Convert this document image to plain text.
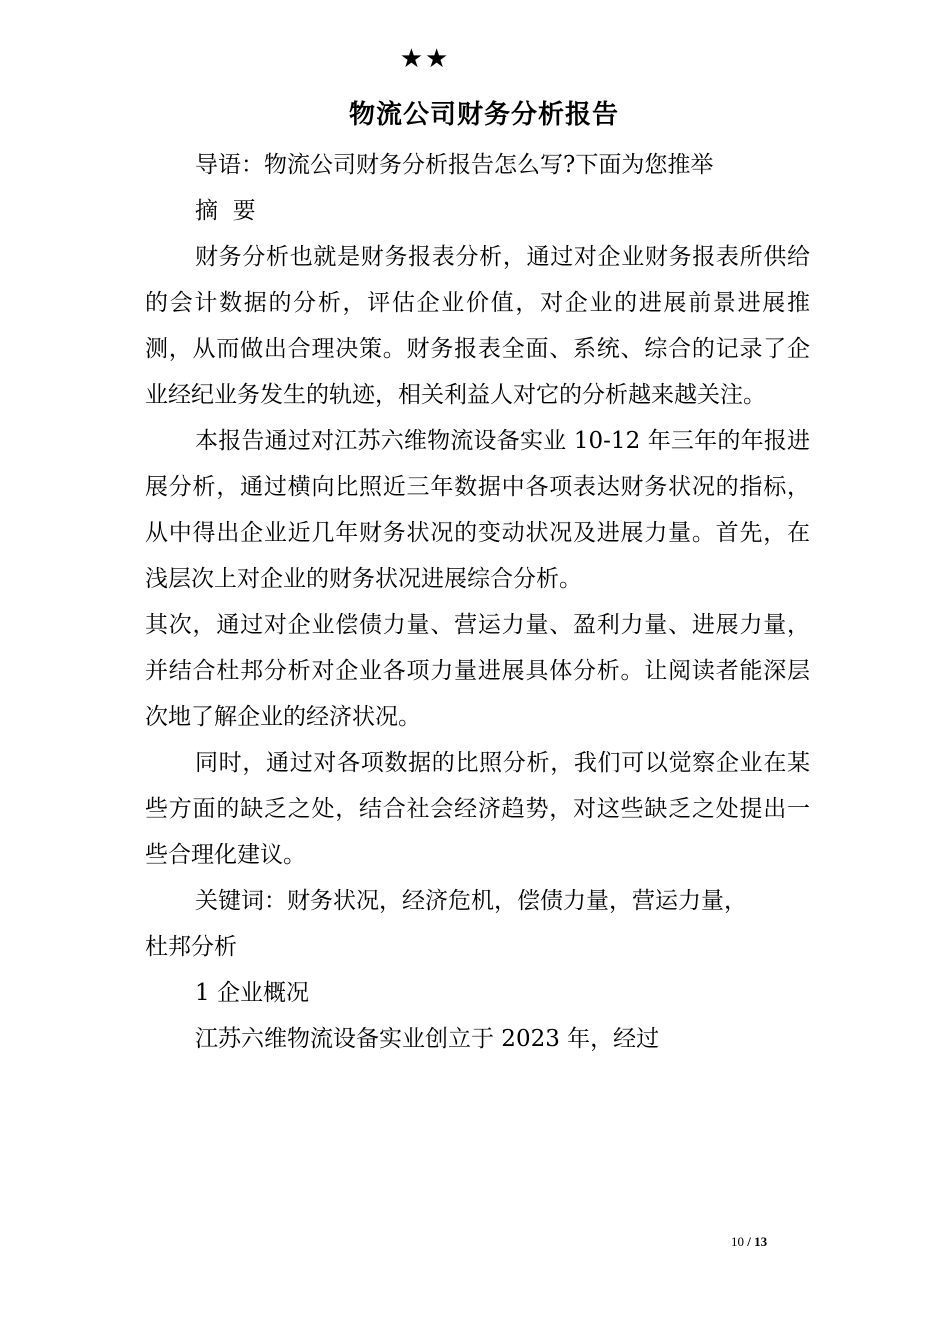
★★
物流公司财务分析报告

导语：物流公司财务分析报告怎么写?下面为您推举

摘  要

财务分析也就是财务报表分析，通过对企业财务报表所供给的会计数据的分析，评估企业价值，对企业的进展前景进展推测，从而做出合理决策。财务报表全面、系统、综合的记录了企业经纪业务发生的轨迹，相关利益人对它的分析越来越关注。

本报告通过对江苏六维物流设备实业 10-12 年三年的年报进展分析，通过横向比照近三年数据中各项表达财务状况的指标，从中得出企业近几年财务状况的变动状况及进展力量。首先，在浅层次上对企业的财务状况进展综合分析。

其次，通过对企业偿债力量、营运力量、盈利力量、进展力量，并结合杜邦分析对企业各项力量进展具体分析。让阅读者能深层次地了解企业的经济状况。

同时，通过对各项数据的比照分析，我们可以觉察企业在某些方面的缺乏之处，结合社会经济趋势，对这些缺乏之处提出一些合理化建议。

关键词：财务状况，经济危机，偿债力量，营运力量，

杜邦分析

1 企业概况

江苏六维物流设备实业创立于 2023 年，经过

10 / 13
